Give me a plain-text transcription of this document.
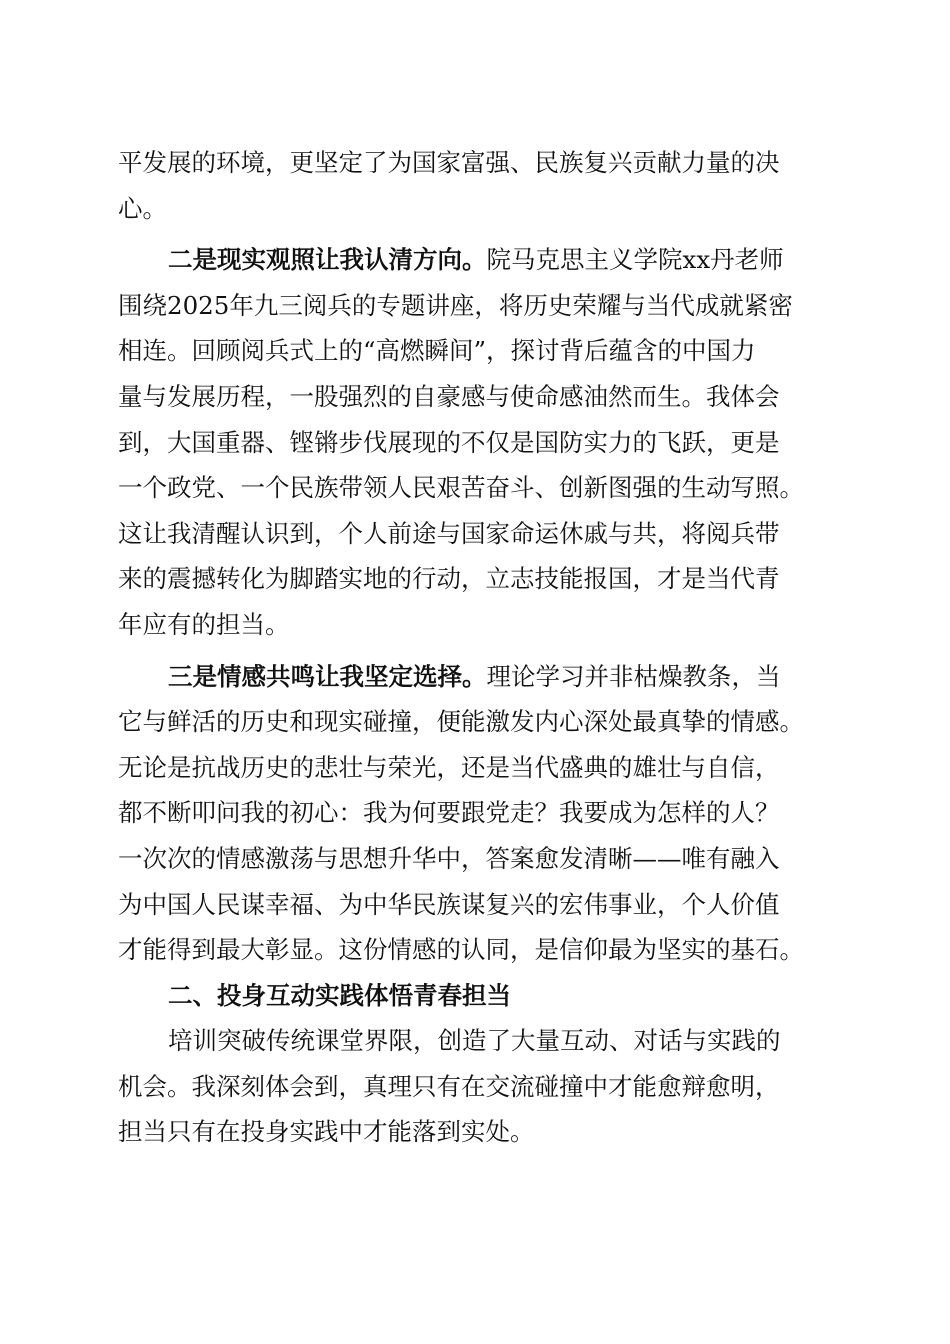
平发展的环境，更坚定了为国家富强、民族复兴贡献力量的决
心。
二是现实观照让我认清方向。院马克思主义学院xx丹老师
围绕2025年九三阅兵的专题讲座，将历史荣耀与当代成就紧密
相连。回顾阅兵式上的“高燃瞬间”，探讨背后蕴含的中国力
量与发展历程，一股强烈的自豪感与使命感油然而生。我体会
到，大国重器、铿锵步伐展现的不仅是国防实力的飞跃，更是
一个政党、一个民族带领人民艰苦奋斗、创新图强的生动写照。
这让我清醒认识到，个人前途与国家命运休戚与共，将阅兵带
来的震撼转化为脚踏实地的行动，立志技能报国，才是当代青
年应有的担当。
三是情感共鸣让我坚定选择。理论学习并非枯燥教条，当
它与鲜活的历史和现实碰撞，便能激发内心深处最真挚的情感。
无论是抗战历史的悲壮与荣光，还是当代盛典的雄壮与自信，
都不断叩问我的初心：我为何要跟党走？我要成为怎样的人？
一次次的情感激荡与思想升华中，答案愈发清晰——唯有融入
为中国人民谋幸福、为中华民族谋复兴的宏伟事业，个人价值
才能得到最大彰显。这份情感的认同，是信仰最为坚实的基石。
二、投身互动实践体悟青春担当
培训突破传统课堂界限，创造了大量互动、对话与实践的
机会。我深刻体会到，真理只有在交流碰撞中才能愈辩愈明，
担当只有在投身实践中才能落到实处。
